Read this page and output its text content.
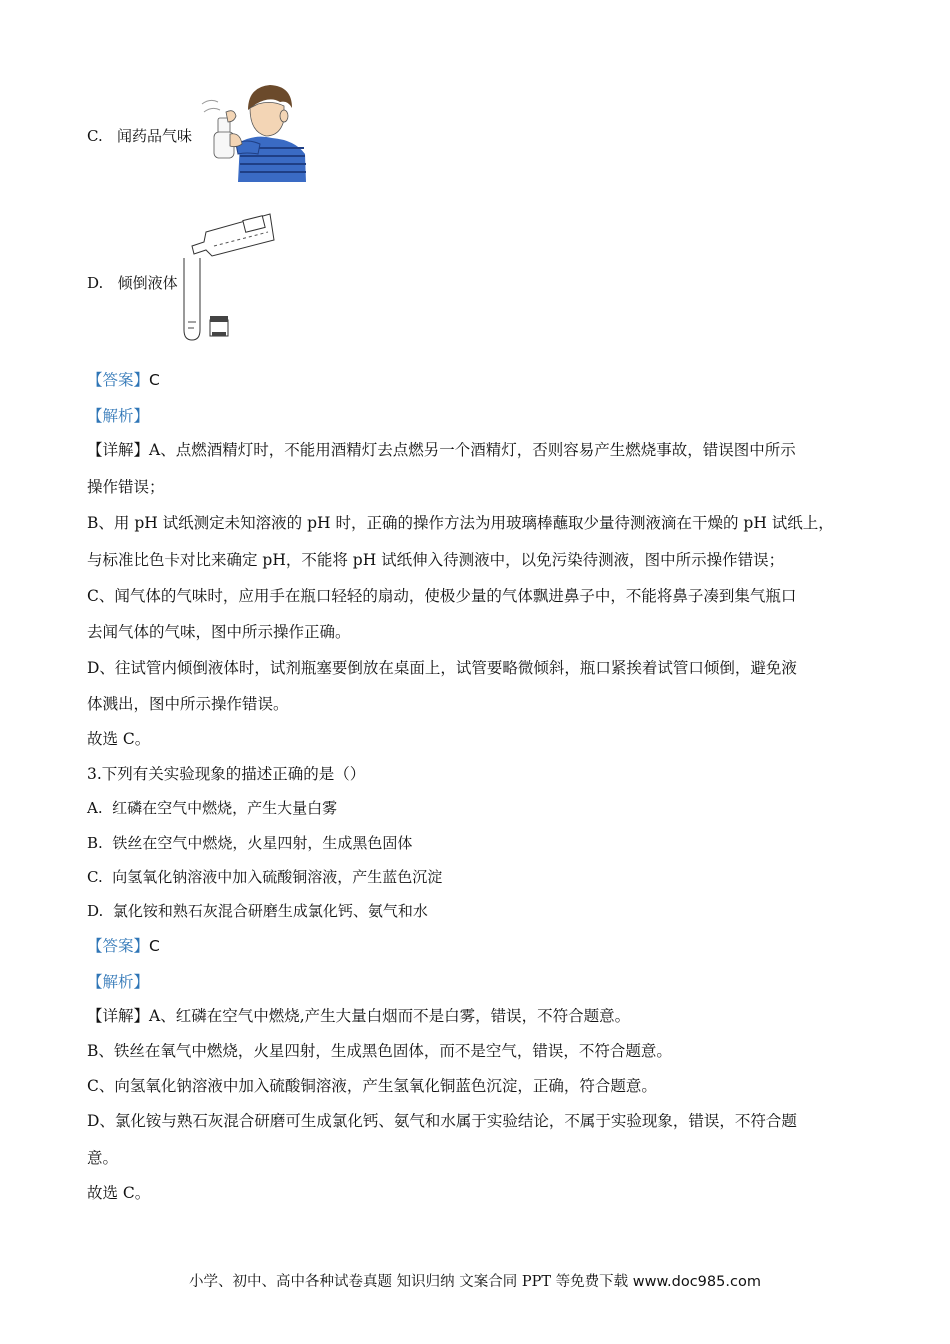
C. 闻药品气味
D. 倾倒液体
【答案】C
【解析】
【详解】A、点燃酒精灯时，不能用酒精灯去点燃另一个酒精灯，否则容易产生燃烧事故，错误图中所示
操作错误；
B、用 pH 试纸测定未知溶液的 pH 时，正确的操作方法为用玻璃棒蘸取少量待测液滴在干燥的 pH 试纸上，
与标准比色卡对比来确定 pH，不能将 pH 试纸伸入待测液中，以免污染待测液，图中所示操作错误；
C、闻气体的气味时，应用手在瓶口轻轻的扇动，使极少量的气体飘进鼻子中，不能将鼻子凑到集气瓶口
去闻气体的气味，图中所示操作正确。
D、往试管内倾倒液体时，试剂瓶塞要倒放在桌面上，试管要略微倾斜，瓶口紧挨着试管口倾倒，避免液
体溅出，图中所示操作错误。
故选 C。
3.下列有关实验现象的描述正确的是（）
A. 红磷在空气中燃烧，产生大量白雾
B. 铁丝在空气中燃烧，火星四射，生成黑色固体
C. 向氢氧化钠溶液中加入硫酸铜溶液，产生蓝色沉淀
D. 氯化铵和熟石灰混合研磨生成氯化钙、氨气和水
【答案】C
【解析】
【详解】A、红磷在空气中燃烧,产生大量白烟而不是白雾，错误，不符合题意。
B、铁丝在氧气中燃烧，火星四射，生成黑色固体，而不是空气，错误，不符合题意。
C、向氢氧化钠溶液中加入硫酸铜溶液，产生氢氧化铜蓝色沉淀，正确，符合题意。
D、氯化铵与熟石灰混合研磨可生成氯化钙、氨气和水属于实验结论，不属于实验现象，错误，不符合题
意。
故选 C。
小学、初中、高中各种试卷真题 知识归纳 文案合同 PPT 等免费下载 www.doc985.com
